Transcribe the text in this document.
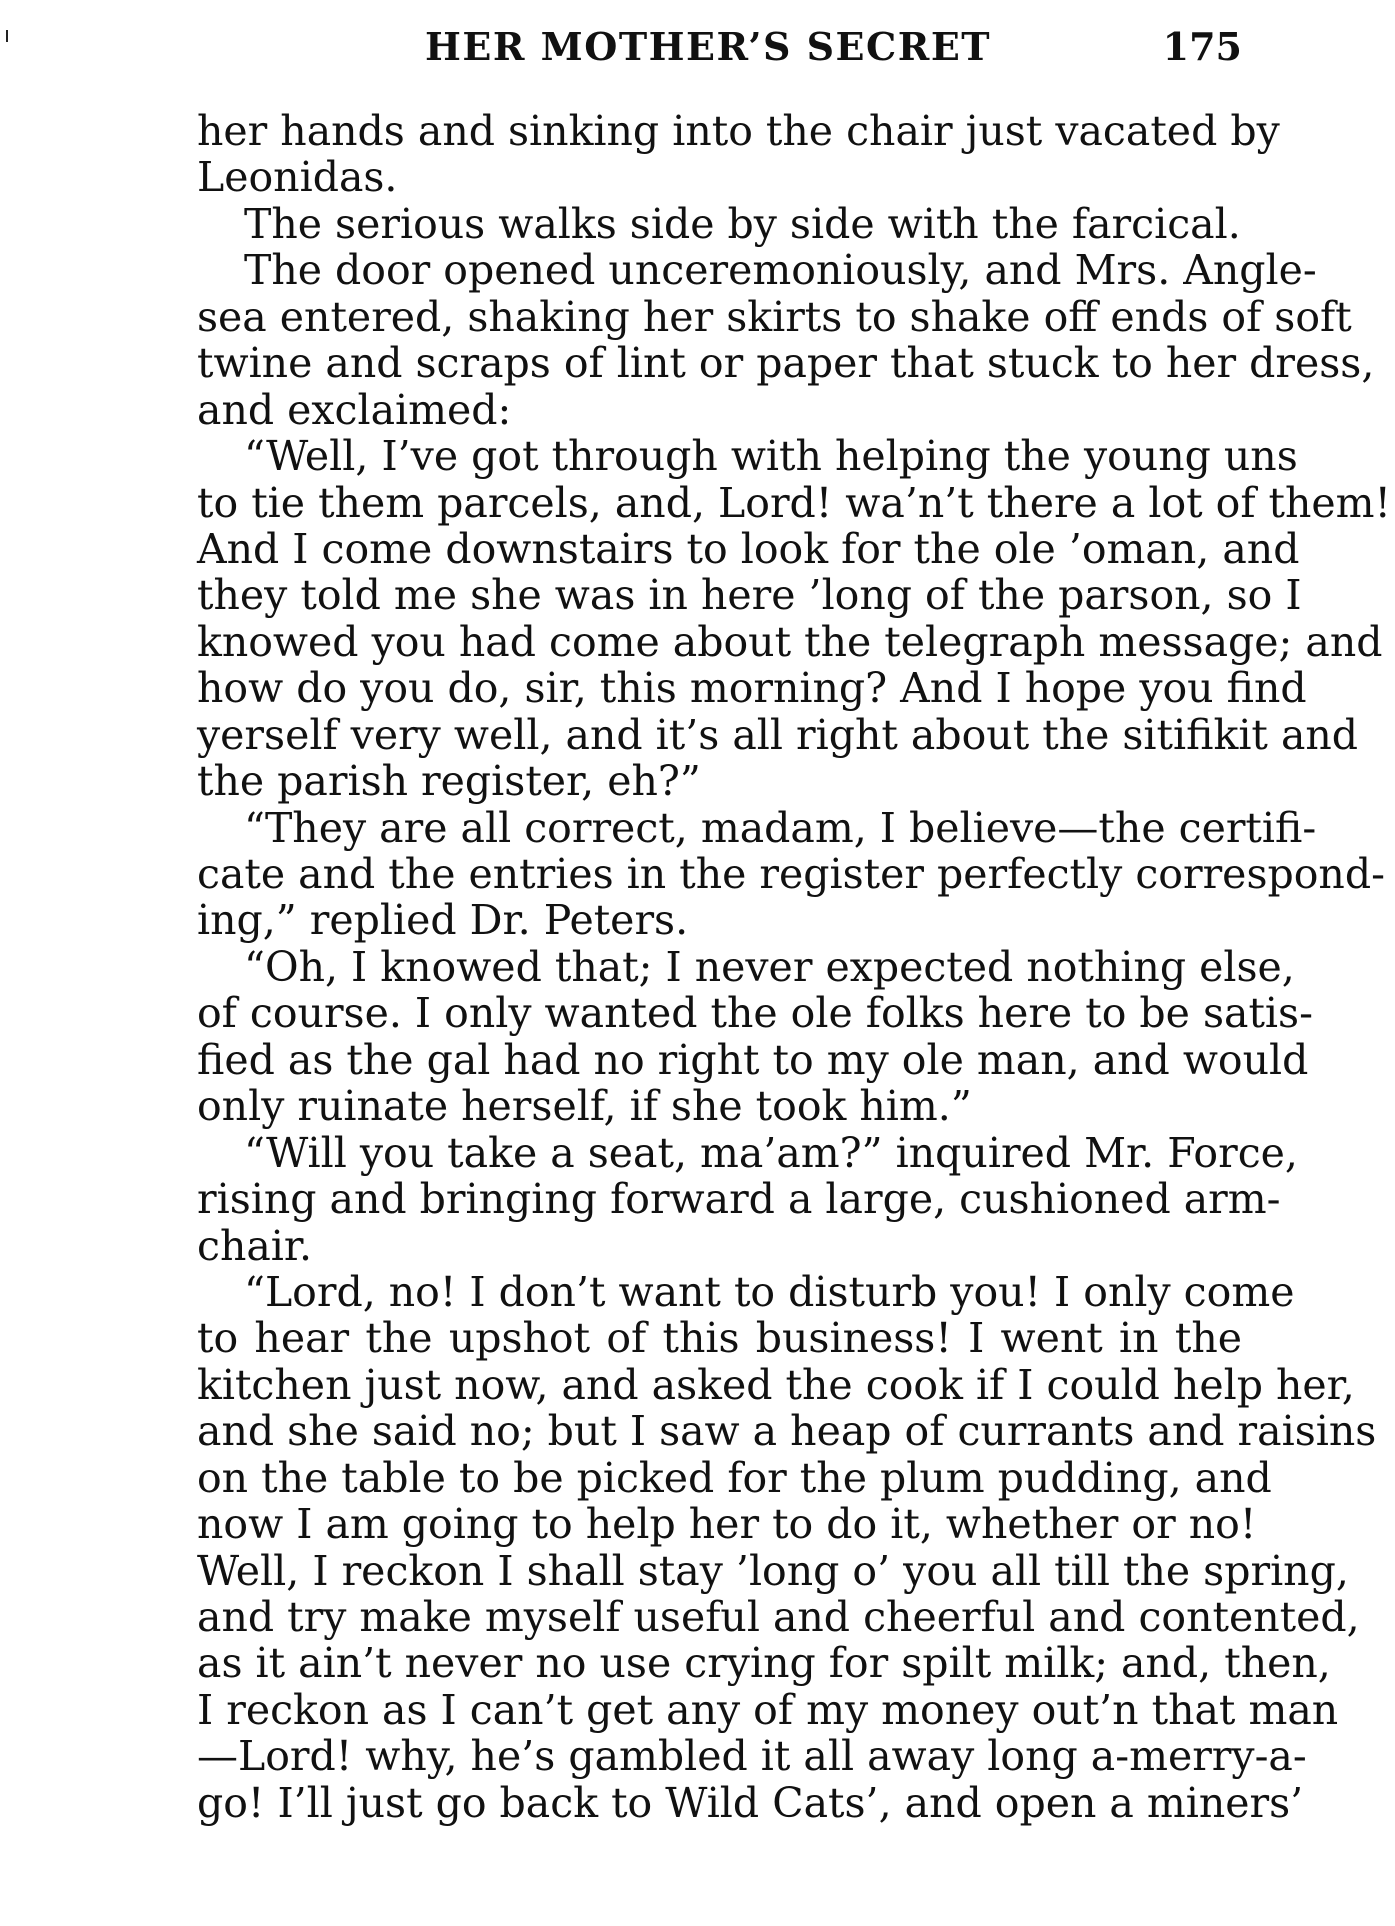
HER MOTHER’S SECRET	175
her hands and sinking into the chair just vacated by
Leonidas.
The serious walks side by side with the farcical.
The door opened unceremoniously, and Mrs. Angle-
sea entered, shaking her skirts to shake off ends of soft
twine and scraps of lint or paper that stuck to her dress,
and exclaimed:
“Well, I’ve got through with helping the young uns
to tie them parcels, and, Lord! wa’n’t there a lot of them!
And I come downstairs to look for the ole ’oman, and
they told me she was in here ’long of the parson, so I
knowed you had come about the telegraph message; and
how do you do, sir, this morning? And I hope you find
yerself very well, and it’s all right about the sitifikit and
the parish register, eh?”
“They are all correct, madam, I believe—the certifi-
cate and the entries in the register perfectly correspond-
ing,” replied Dr. Peters.
“Oh, I knowed that; I never expected nothing else,
of course. I only wanted the ole folks here to be satis-
fied as the gal had no right to my ole man, and would
only ruinate herself, if she took him.”
“Will you take a seat, ma’am?” inquired Mr. Force,
rising and bringing forward a large, cushioned arm-
chair.
“Lord, no! I don’t want to disturb you! I only come
to hear the upshot of this business! I went in the
kitchen just now, and asked the cook if I could help her,
and she said no; but I saw a heap of currants and raisins
on the table to be picked for the plum pudding, and
now I am going to help her to do it, whether or no!
Well, I reckon I shall stay ’long o’ you all till the spring,
and try make myself useful and cheerful and contented,
as it ain’t never no use crying for spilt milk; and, then,
I reckon as I can’t get any of my money out’n that man
—Lord! why, he’s gambled it all away long a-merry-a-
go! I’ll just go back to Wild Cats’, and open a miners’
